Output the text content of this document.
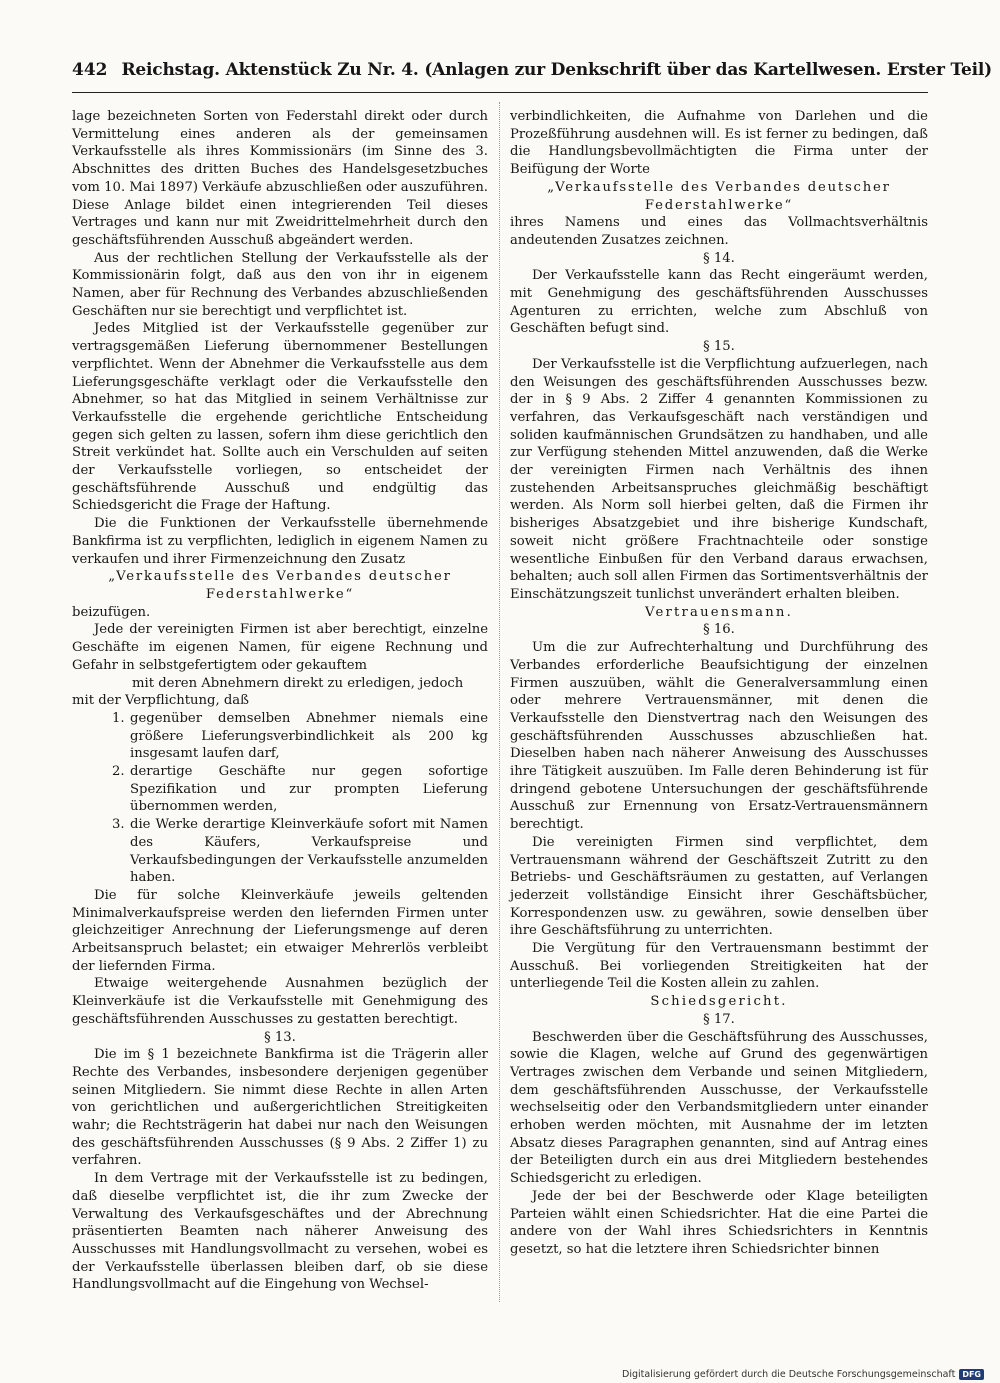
442 Reichstag. Aktenstück Zu Nr. 4. (Anlagen zur Denkschrift über das Kartellwesen. Erster Teil)

lage bezeichneten Sorten von Federstahl direkt oder durch Vermittelung eines anderen als der gemeinsamen Verkaufsstelle als ihres Kommissionärs (im Sinne des 3. Abschnittes des dritten Buches des Handelsgesetzbuches vom 10. Mai 1897) Verkäufe abzuschließen oder auszuführen. Diese Anlage bildet einen integrierenden Teil dieses Vertrages und kann nur mit Zweidrittelmehrheit durch den geschäftsführenden Ausschuß abgeändert werden.

Aus der rechtlichen Stellung der Verkaufsstelle als der Kommissionärin folgt, daß aus den von ihr in eigenem Namen, aber für Rechnung des Verbandes abzuschließenden Geschäften nur sie berechtigt und verpflichtet ist.

Jedes Mitglied ist der Verkaufsstelle gegenüber zur vertragsgemäßen Lieferung übernommener Bestellungen verpflichtet. Wenn der Abnehmer die Verkaufsstelle aus dem Lieferungsgeschäfte verklagt oder die Verkaufsstelle den Abnehmer, so hat das Mitglied in seinem Verhältnisse zur Verkaufsstelle die ergehende gerichtliche Entscheidung gegen sich gelten zu lassen, sofern ihm diese gerichtlich den Streit verkündet hat. Sollte auch ein Verschulden auf seiten der Verkaufsstelle vorliegen, so entscheidet der geschäftsführende Ausschuß und endgültig das Schiedsgericht die Frage der Haftung.

Die die Funktionen der Verkaufsstelle übernehmende Bankfirma ist zu verpflichten, lediglich in eigenem Namen zu verkaufen und ihrer Firmenzeichnung den Zusatz

„Verkaufsstelle des Verbandes deutscher Federstahlwerke“

beizufügen.

Jede der vereinigten Firmen ist aber berechtigt, einzelne Geschäfte im eigenen Namen, für eigene Rechnung und Gefahr in selbstgefertigtem oder gekauftem

mit deren Abnehmern direkt zu erledigen, jedoch

mit der Verpflichtung, daß

1. gegenüber demselben Abnehmer niemals eine größere Lieferungsverbindlichkeit als 200 kg insgesamt laufen darf,
2. derartige Geschäfte nur gegen sofortige Spezifikation und zur prompten Lieferung übernommen werden,
3. die Werke derartige Kleinverkäufe sofort mit Namen des Käufers, Verkaufspreise und Verkaufsbedingungen der Verkaufsstelle anzumelden haben.

Die für solche Kleinverkäufe jeweils geltenden Minimalverkaufspreise werden den liefernden Firmen unter gleichzeitiger Anrechnung der Lieferungsmenge auf deren Arbeitsanspruch belastet; ein etwaiger Mehrerlös verbleibt der liefernden Firma.

Etwaige weitergehende Ausnahmen bezüglich der Kleinverkäufe ist die Verkaufsstelle mit Genehmigung des geschäftsführenden Ausschusses zu gestatten berechtigt.

§ 13.

Die im § 1 bezeichnete Bankfirma ist die Trägerin aller Rechte des Verbandes, insbesondere derjenigen gegenüber seinen Mitgliedern. Sie nimmt diese Rechte in allen Arten von gerichtlichen und außergerichtlichen Streitigkeiten wahr; die Rechtsträgerin hat dabei nur nach den Weisungen des geschäftsführenden Ausschusses (§ 9 Abs. 2 Ziffer 1) zu verfahren.

In dem Vertrage mit der Verkaufsstelle ist zu bedingen, daß dieselbe verpflichtet ist, die ihr zum Zwecke der Verwaltung des Verkaufsgeschäftes und der Abrechnung präsentierten Beamten nach näherer Anweisung des Ausschusses mit Handlungsvollmacht zu versehen, wobei es der Verkaufsstelle überlassen bleiben darf, ob sie diese Handlungsvollmacht auf die Eingehung von Wechsel-

verbindlichkeiten, die Aufnahme von Darlehen und die Prozeßführung ausdehnen will. Es ist ferner zu bedingen, daß die Handlungsbevollmächtigten die Firma unter der Beifügung der Worte

„Verkaufsstelle des Verbandes deutscher Federstahlwerke“

ihres Namens und eines das Vollmachtsverhältnis andeutenden Zusatzes zeichnen.

§ 14.

Der Verkaufsstelle kann das Recht eingeräumt werden, mit Genehmigung des geschäftsführenden Ausschusses Agenturen zu errichten, welche zum Abschluß von Geschäften befugt sind.

§ 15.

Der Verkaufsstelle ist die Verpflichtung aufzuerlegen, nach den Weisungen des geschäftsführenden Ausschusses bezw. der in § 9 Abs. 2 Ziffer 4 genannten Kommissionen zu verfahren, das Verkaufsgeschäft nach verständigen und soliden kaufmännischen Grundsätzen zu handhaben, und alle zur Verfügung stehenden Mittel anzuwenden, daß die Werke der vereinigten Firmen nach Verhältnis des ihnen zustehenden Arbeitsanspruches gleichmäßig beschäftigt werden. Als Norm soll hierbei gelten, daß die Firmen ihr bisheriges Absatzgebiet und ihre bisherige Kundschaft, soweit nicht größere Frachtnachteile oder sonstige wesentliche Einbußen für den Verband daraus erwachsen, behalten; auch soll allen Firmen das Sortimentsverhältnis der Einschätzungszeit tunlichst unverändert erhalten bleiben.

Vertrauensmann.

§ 16.

Um die zur Aufrechterhaltung und Durchführung des Verbandes erforderliche Beaufsichtigung der einzelnen Firmen auszuüben, wählt die Generalversammlung einen oder mehrere Vertrauensmänner, mit denen die Verkaufsstelle den Dienstvertrag nach den Weisungen des geschäftsführenden Ausschusses abzuschließen hat. Dieselben haben nach näherer Anweisung des Ausschusses ihre Tätigkeit auszuüben. Im Falle deren Behinderung ist für dringend gebotene Untersuchungen der geschäftsführende Ausschuß zur Ernennung von Ersatz-Vertrauensmännern berechtigt.

Die vereinigten Firmen sind verpflichtet, dem Vertrauensmann während der Geschäftszeit Zutritt zu den Betriebs- und Geschäftsräumen zu gestatten, auf Verlangen jederzeit vollständige Einsicht ihrer Geschäftsbücher, Korrespondenzen usw. zu gewähren, sowie denselben über ihre Geschäftsführung zu unterrichten.

Die Vergütung für den Vertrauensmann bestimmt der Ausschuß. Bei vorliegenden Streitigkeiten hat der unterliegende Teil die Kosten allein zu zahlen.

Schiedsgericht.

§ 17.

Beschwerden über die Geschäftsführung des Ausschusses, sowie die Klagen, welche auf Grund des gegenwärtigen Vertrages zwischen dem Verbande und seinen Mitgliedern, dem geschäftsführenden Ausschusse, der Verkaufsstelle wechselseitig oder den Verbandsmitgliedern unter einander erhoben werden möchten, mit Ausnahme der im letzten Absatz dieses Paragraphen genannten, sind auf Antrag eines der Beteiligten durch ein aus drei Mitgliedern bestehendes Schiedsgericht zu erledigen.

Jede der bei der Beschwerde oder Klage beteiligten Parteien wählt einen Schiedsrichter. Hat die eine Partei die andere von der Wahl ihres Schiedsrichters in Kenntnis gesetzt, so hat die letztere ihren Schiedsrichter binnen

Digitalisierung gefördert durch die Deutsche Forschungsgemeinschaft DFG
